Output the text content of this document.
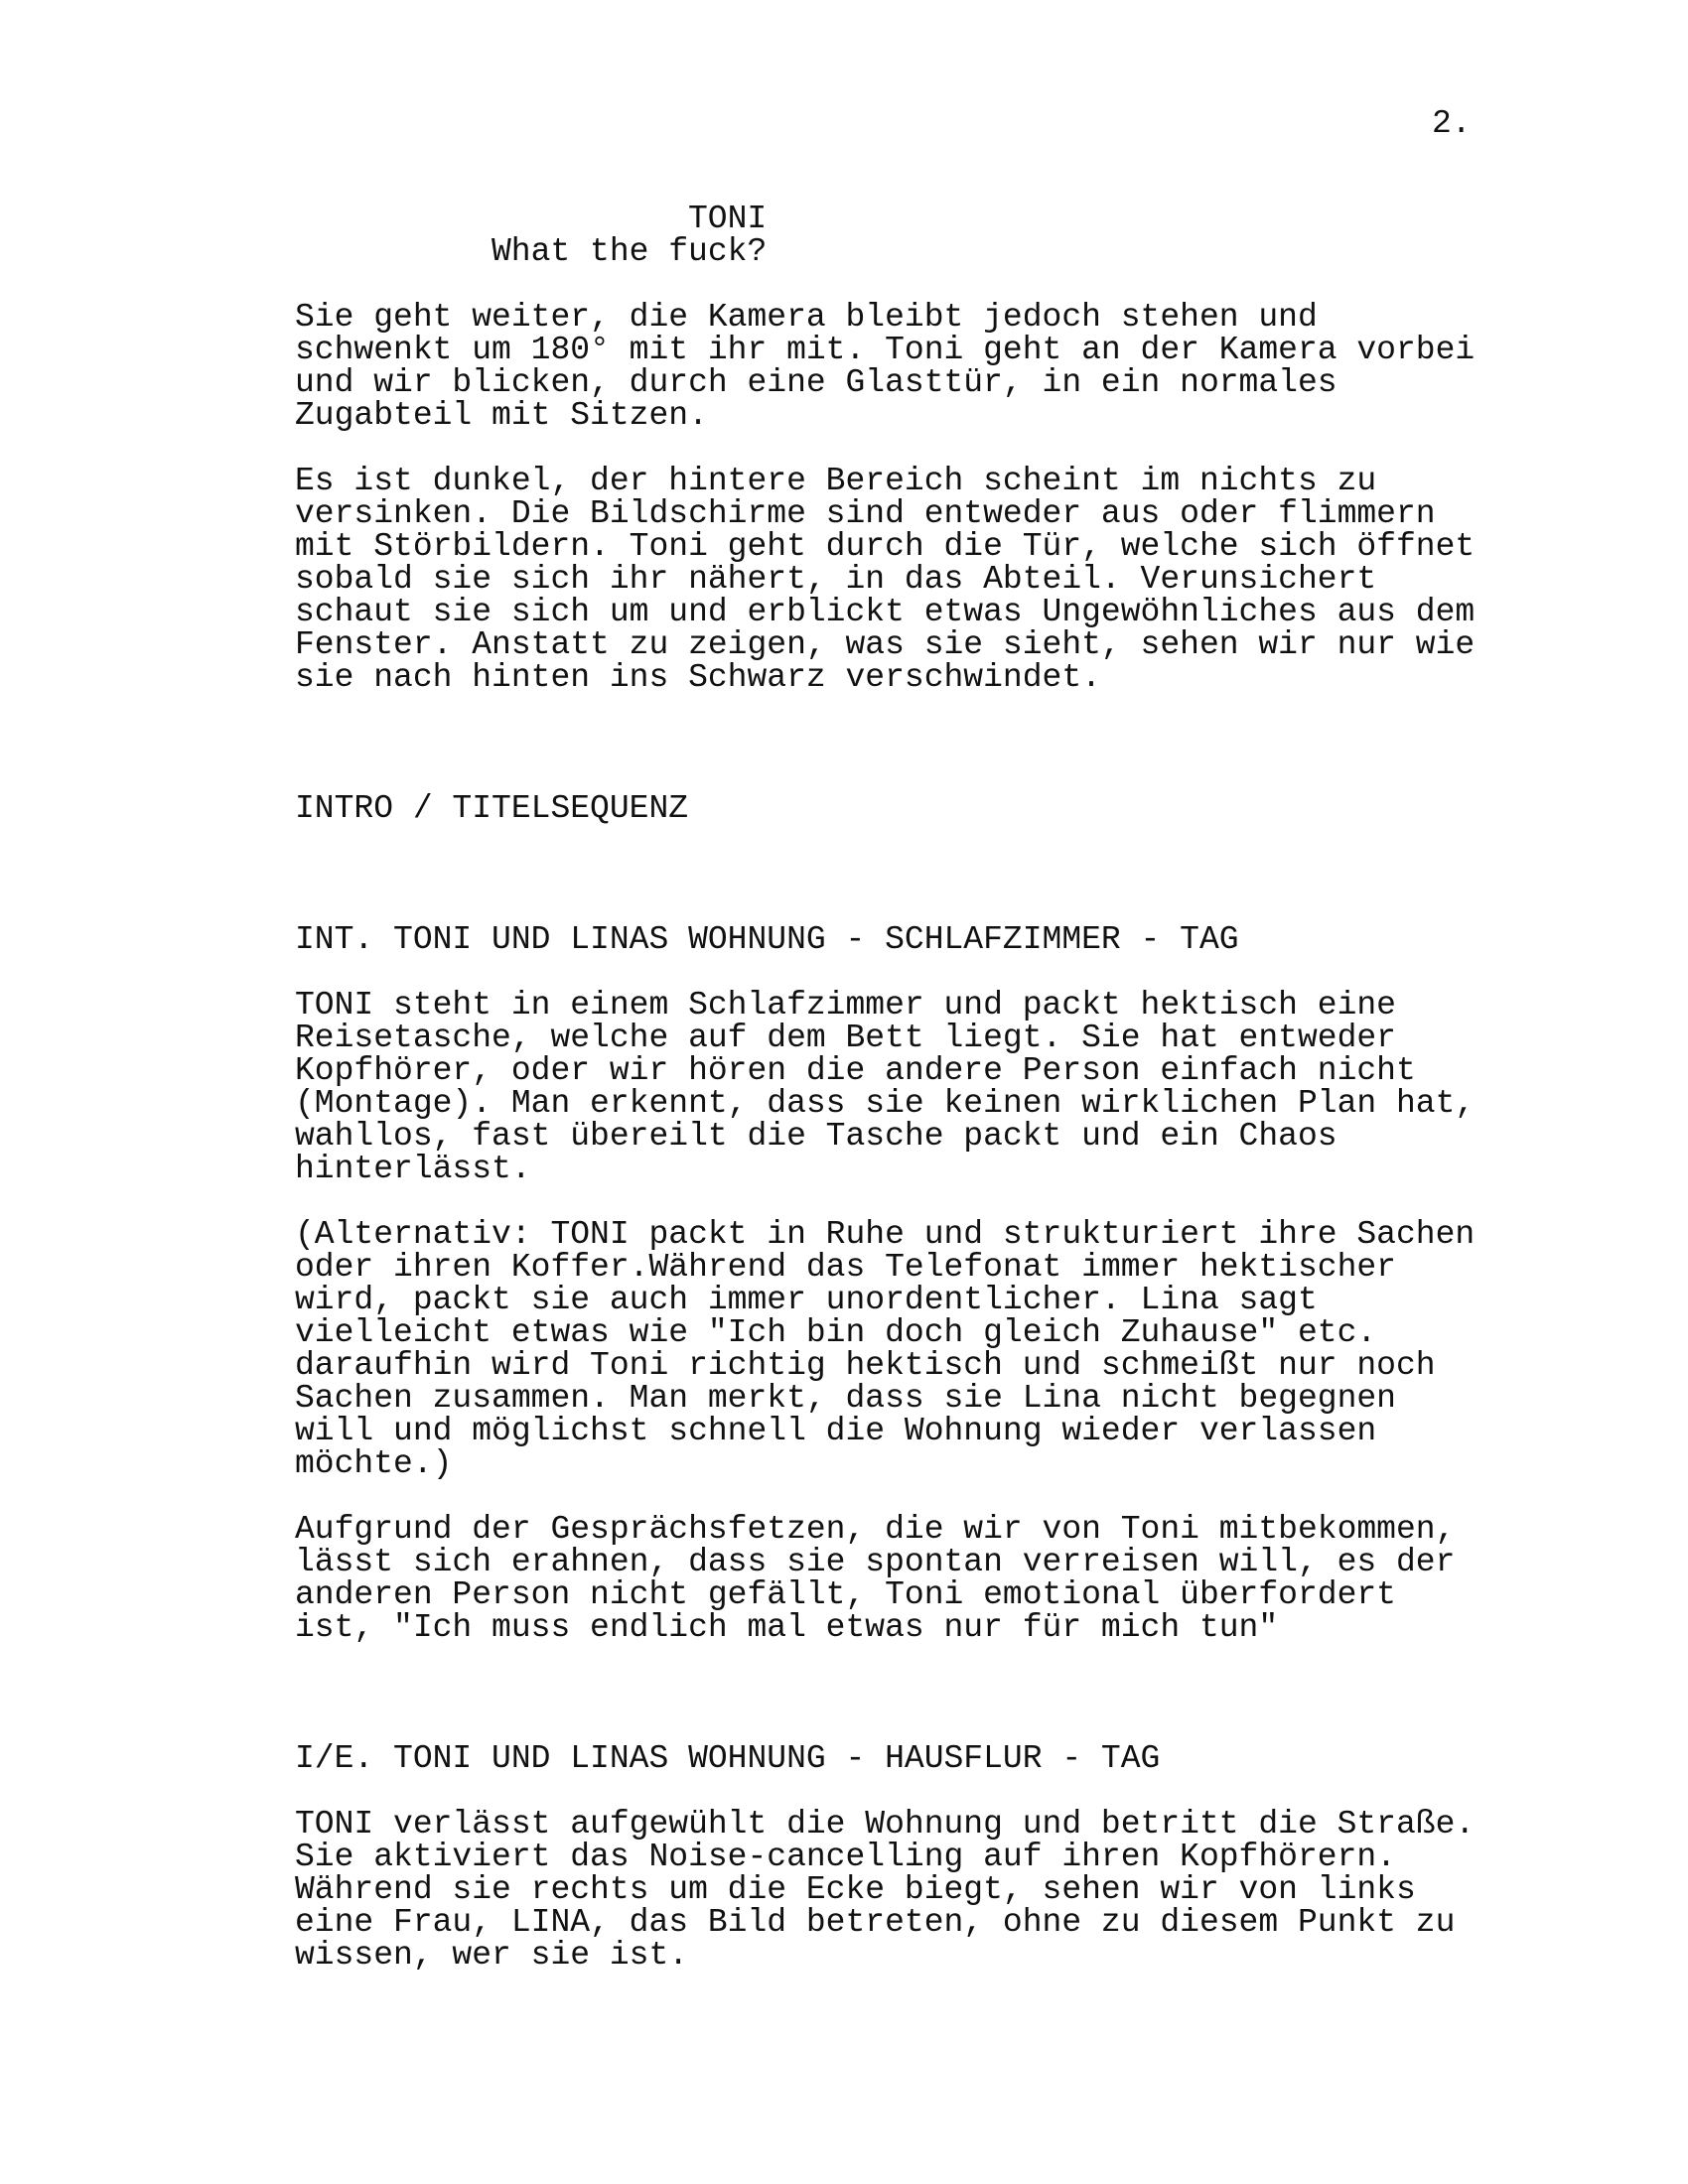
2.
TONI
What the fuck?
Sie geht weiter, die Kamera bleibt jedoch stehen und
schwenkt um 180° mit ihr mit. Toni geht an der Kamera vorbei
und wir blicken, durch eine Glasttür, in ein normales
Zugabteil mit Sitzen.
Es ist dunkel, der hintere Bereich scheint im nichts zu
versinken. Die Bildschirme sind entweder aus oder flimmern
mit Störbildern. Toni geht durch die Tür, welche sich öffnet
sobald sie sich ihr nähert, in das Abteil. Verunsichert
schaut sie sich um und erblickt etwas Ungewöhnliches aus dem
Fenster. Anstatt zu zeigen, was sie sieht, sehen wir nur wie
sie nach hinten ins Schwarz verschwindet.
INTRO / TITELSEQUENZ
INT. TONI UND LINAS WOHNUNG - SCHLAFZIMMER - TAG
TONI steht in einem Schlafzimmer und packt hektisch eine
Reisetasche, welche auf dem Bett liegt. Sie hat entweder
Kopfhörer, oder wir hören die andere Person einfach nicht
(Montage). Man erkennt, dass sie keinen wirklichen Plan hat,
wahllos, fast übereilt die Tasche packt und ein Chaos
hinterlässt.
(Alternativ: TONI packt in Ruhe und strukturiert ihre Sachen
oder ihren Koffer.Während das Telefonat immer hektischer
wird, packt sie auch immer unordentlicher. Lina sagt
vielleicht etwas wie "Ich bin doch gleich Zuhause" etc.
daraufhin wird Toni richtig hektisch und schmeißt nur noch
Sachen zusammen. Man merkt, dass sie Lina nicht begegnen
will und möglichst schnell die Wohnung wieder verlassen
möchte.)
Aufgrund der Gesprächsfetzen, die wir von Toni mitbekommen,
lässt sich erahnen, dass sie spontan verreisen will, es der
anderen Person nicht gefällt, Toni emotional überfordert
ist, "Ich muss endlich mal etwas nur für mich tun"
I/E. TONI UND LINAS WOHNUNG - HAUSFLUR - TAG
TONI verlässt aufgewühlt die Wohnung und betritt die Straße.
Sie aktiviert das Noise-cancelling auf ihren Kopfhörern.
Während sie rechts um die Ecke biegt, sehen wir von links
eine Frau, LINA, das Bild betreten, ohne zu diesem Punkt zu
wissen, wer sie ist.
